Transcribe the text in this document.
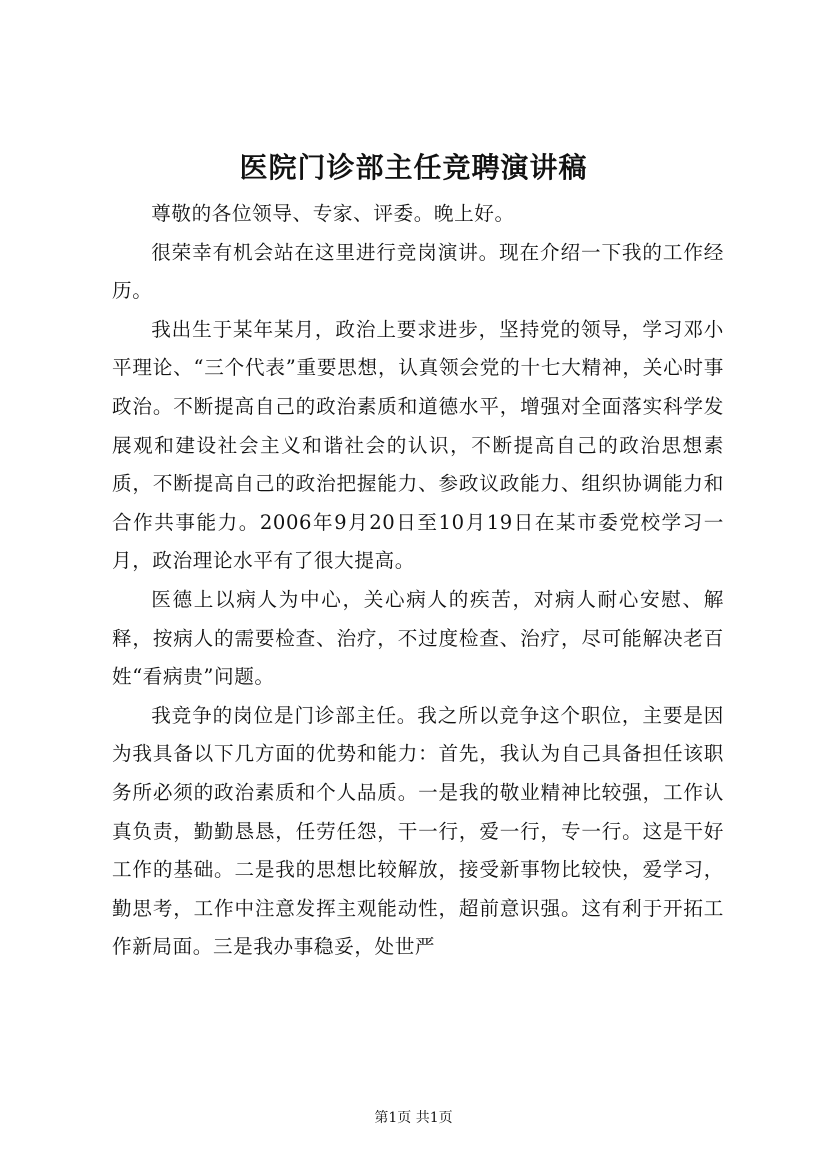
医院门诊部主任竞聘演讲稿

尊敬的各位领导、专家、评委。晚上好。

很荣幸有机会站在这里进行竞岗演讲。现在介绍一下我的工作经历。

我出生于某年某月，政治上要求进步，坚持党的领导，学习邓小平理论、“三个代表”重要思想，认真领会党的十七大精神，关心时事政治。不断提高自己的政治素质和道德水平，增强对全面落实科学发展观和建设社会主义和谐社会的认识，不断提高自己的政治思想素质，不断提高自己的政治把握能力、参政议政能力、组织协调能力和合作共事能力。2006年9月20日至10月19日在某市委党校学习一月，政治理论水平有了很大提高。

医德上以病人为中心，关心病人的疾苦，对病人耐心安慰、解释，按病人的需要检查、治疗，不过度检查、治疗，尽可能解决老百姓“看病贵”问题。

我竞争的岗位是门诊部主任。我之所以竞争这个职位，主要是因为我具备以下几方面的优势和能力：首先，我认为自己具备担任该职务所必须的政治素质和个人品质。一是我的敬业精神比较强，工作认真负责，勤勤恳恳，任劳任怨，干一行，爱一行，专一行。这是干好工作的基础。二是我的思想比较解放，接受新事物比较快，爱学习，勤思考，工作中注意发挥主观能动性，超前意识强。这有利于开拓工作新局面。三是我办事稳妥，处世严

第1页 共1页
